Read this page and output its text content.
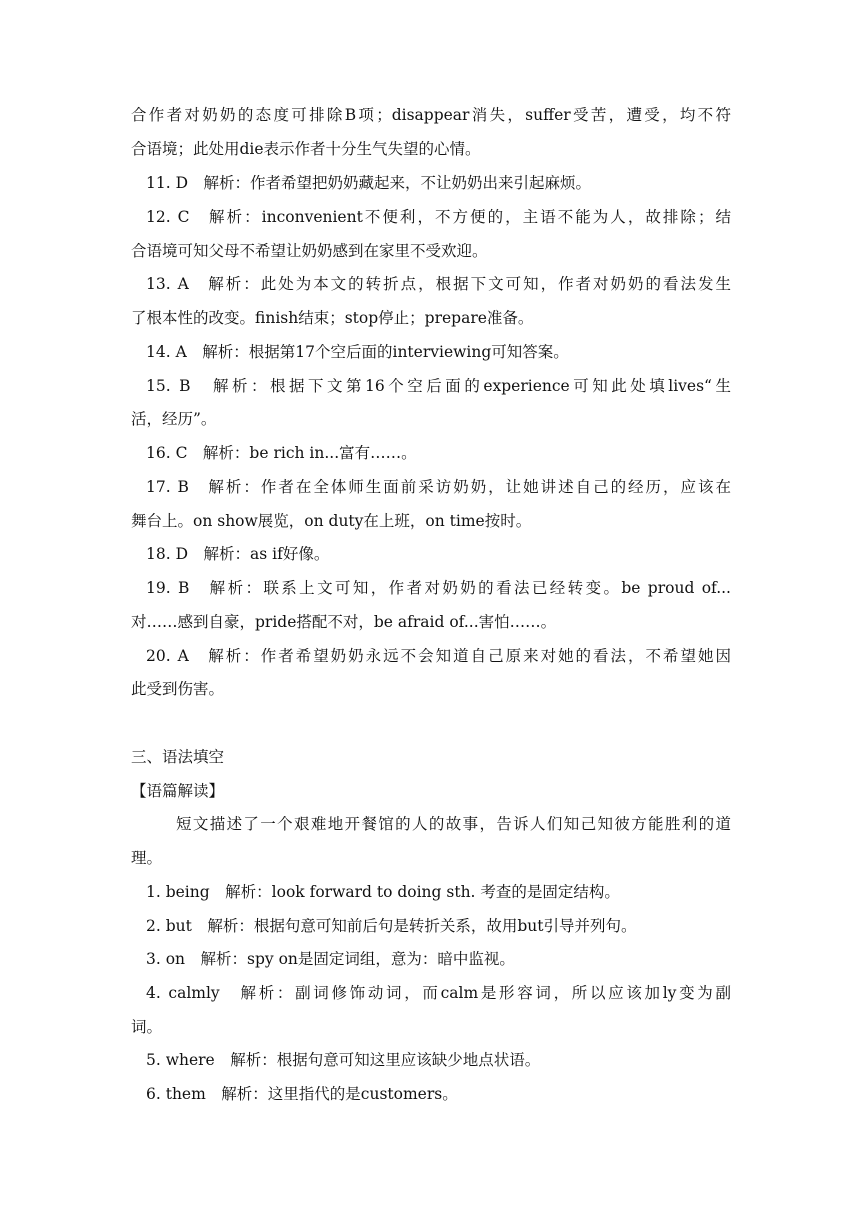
合作者对奶奶的态度可排除B项；disappear消失，suffer受苦，遭受，均不符
合语境；此处用die表示作者十分生气失望的心情。
11. D　解析：作者希望把奶奶藏起来，不让奶奶出来引起麻烦。
12. C　解析：inconvenient不便利，不方便的，主语不能为人，故排除；结
合语境可知父母不希望让奶奶感到在家里不受欢迎。
13. A　解析：此处为本文的转折点，根据下文可知，作者对奶奶的看法发生
了根本性的改变。finish结束；stop停止；prepare准备。
14. A　解析：根据第17个空后面的interviewing可知答案。
15. B　解析：根据下文第16个空后面的experience可知此处填lives“生
活，经历”。
16. C　解析：be rich in...富有……。
17. B　解析：作者在全体师生面前采访奶奶，让她讲述自己的经历，应该在
舞台上。on show展览，on duty在上班，on time按时。
18. D　解析：as if好像。
19. B　解析：联系上文可知，作者对奶奶的看法已经转变。be proud of...
对……感到自豪，pride搭配不对，be afraid of...害怕……。
20. A　解析：作者希望奶奶永远不会知道自己原来对她的看法，不希望她因
此受到伤害。
三、语法填空
【语篇解读】
短文描述了一个艰难地开餐馆的人的故事，告诉人们知己知彼方能胜利的道
理。
1. being　解析：look forward to doing sth. 考查的是固定结构。
2. but　解析：根据句意可知前后句是转折关系，故用but引导并列句。
3. on　解析：spy on是固定词组，意为：暗中监视。
4. calmly　解析：副词修饰动词，而calm是形容词，所以应该加ly变为副
词。
5. where　解析：根据句意可知这里应该缺少地点状语。
6. them　解析：这里指代的是customers。
